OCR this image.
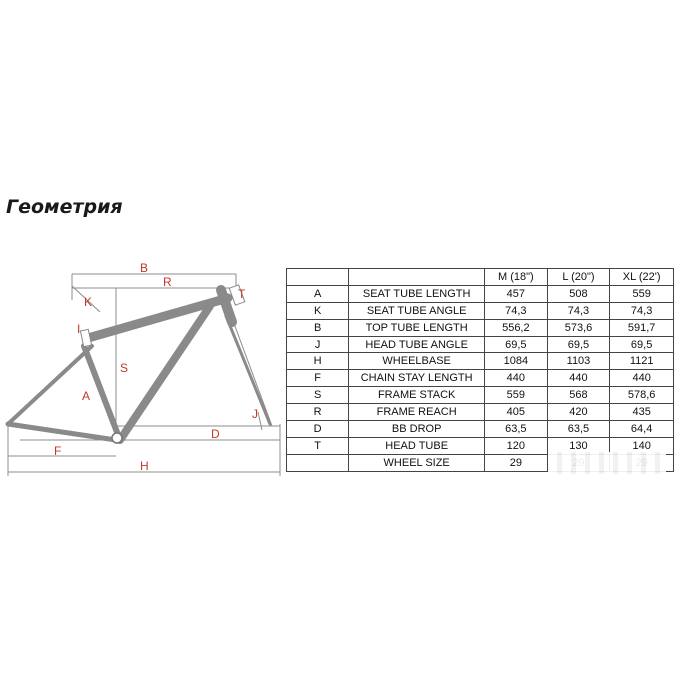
Геометрия
B
R
K
T
I
S
A
J
D
F
H
		M (18")	L (20")	XL (22')
A	SEAT TUBE LENGTH	457	508	559
K	SEAT TUBE ANGLE	74,3	74,3	74,3
B	TOP TUBE LENGTH	556,2	573,6	591,7
J	HEAD TUBE ANGLE	69,5	69,5	69,5
H	WHEELBASE	1084	1103	1121
F	CHAIN STAY LENGTH	440	440	440
S	FRAME STACK	559	568	578,6
R	FRAME REACH	405	420	435
D	BB DROP	63,5	63,5	64,4
T	HEAD TUBE	120	130	140
	WHEEL SIZE	29		
